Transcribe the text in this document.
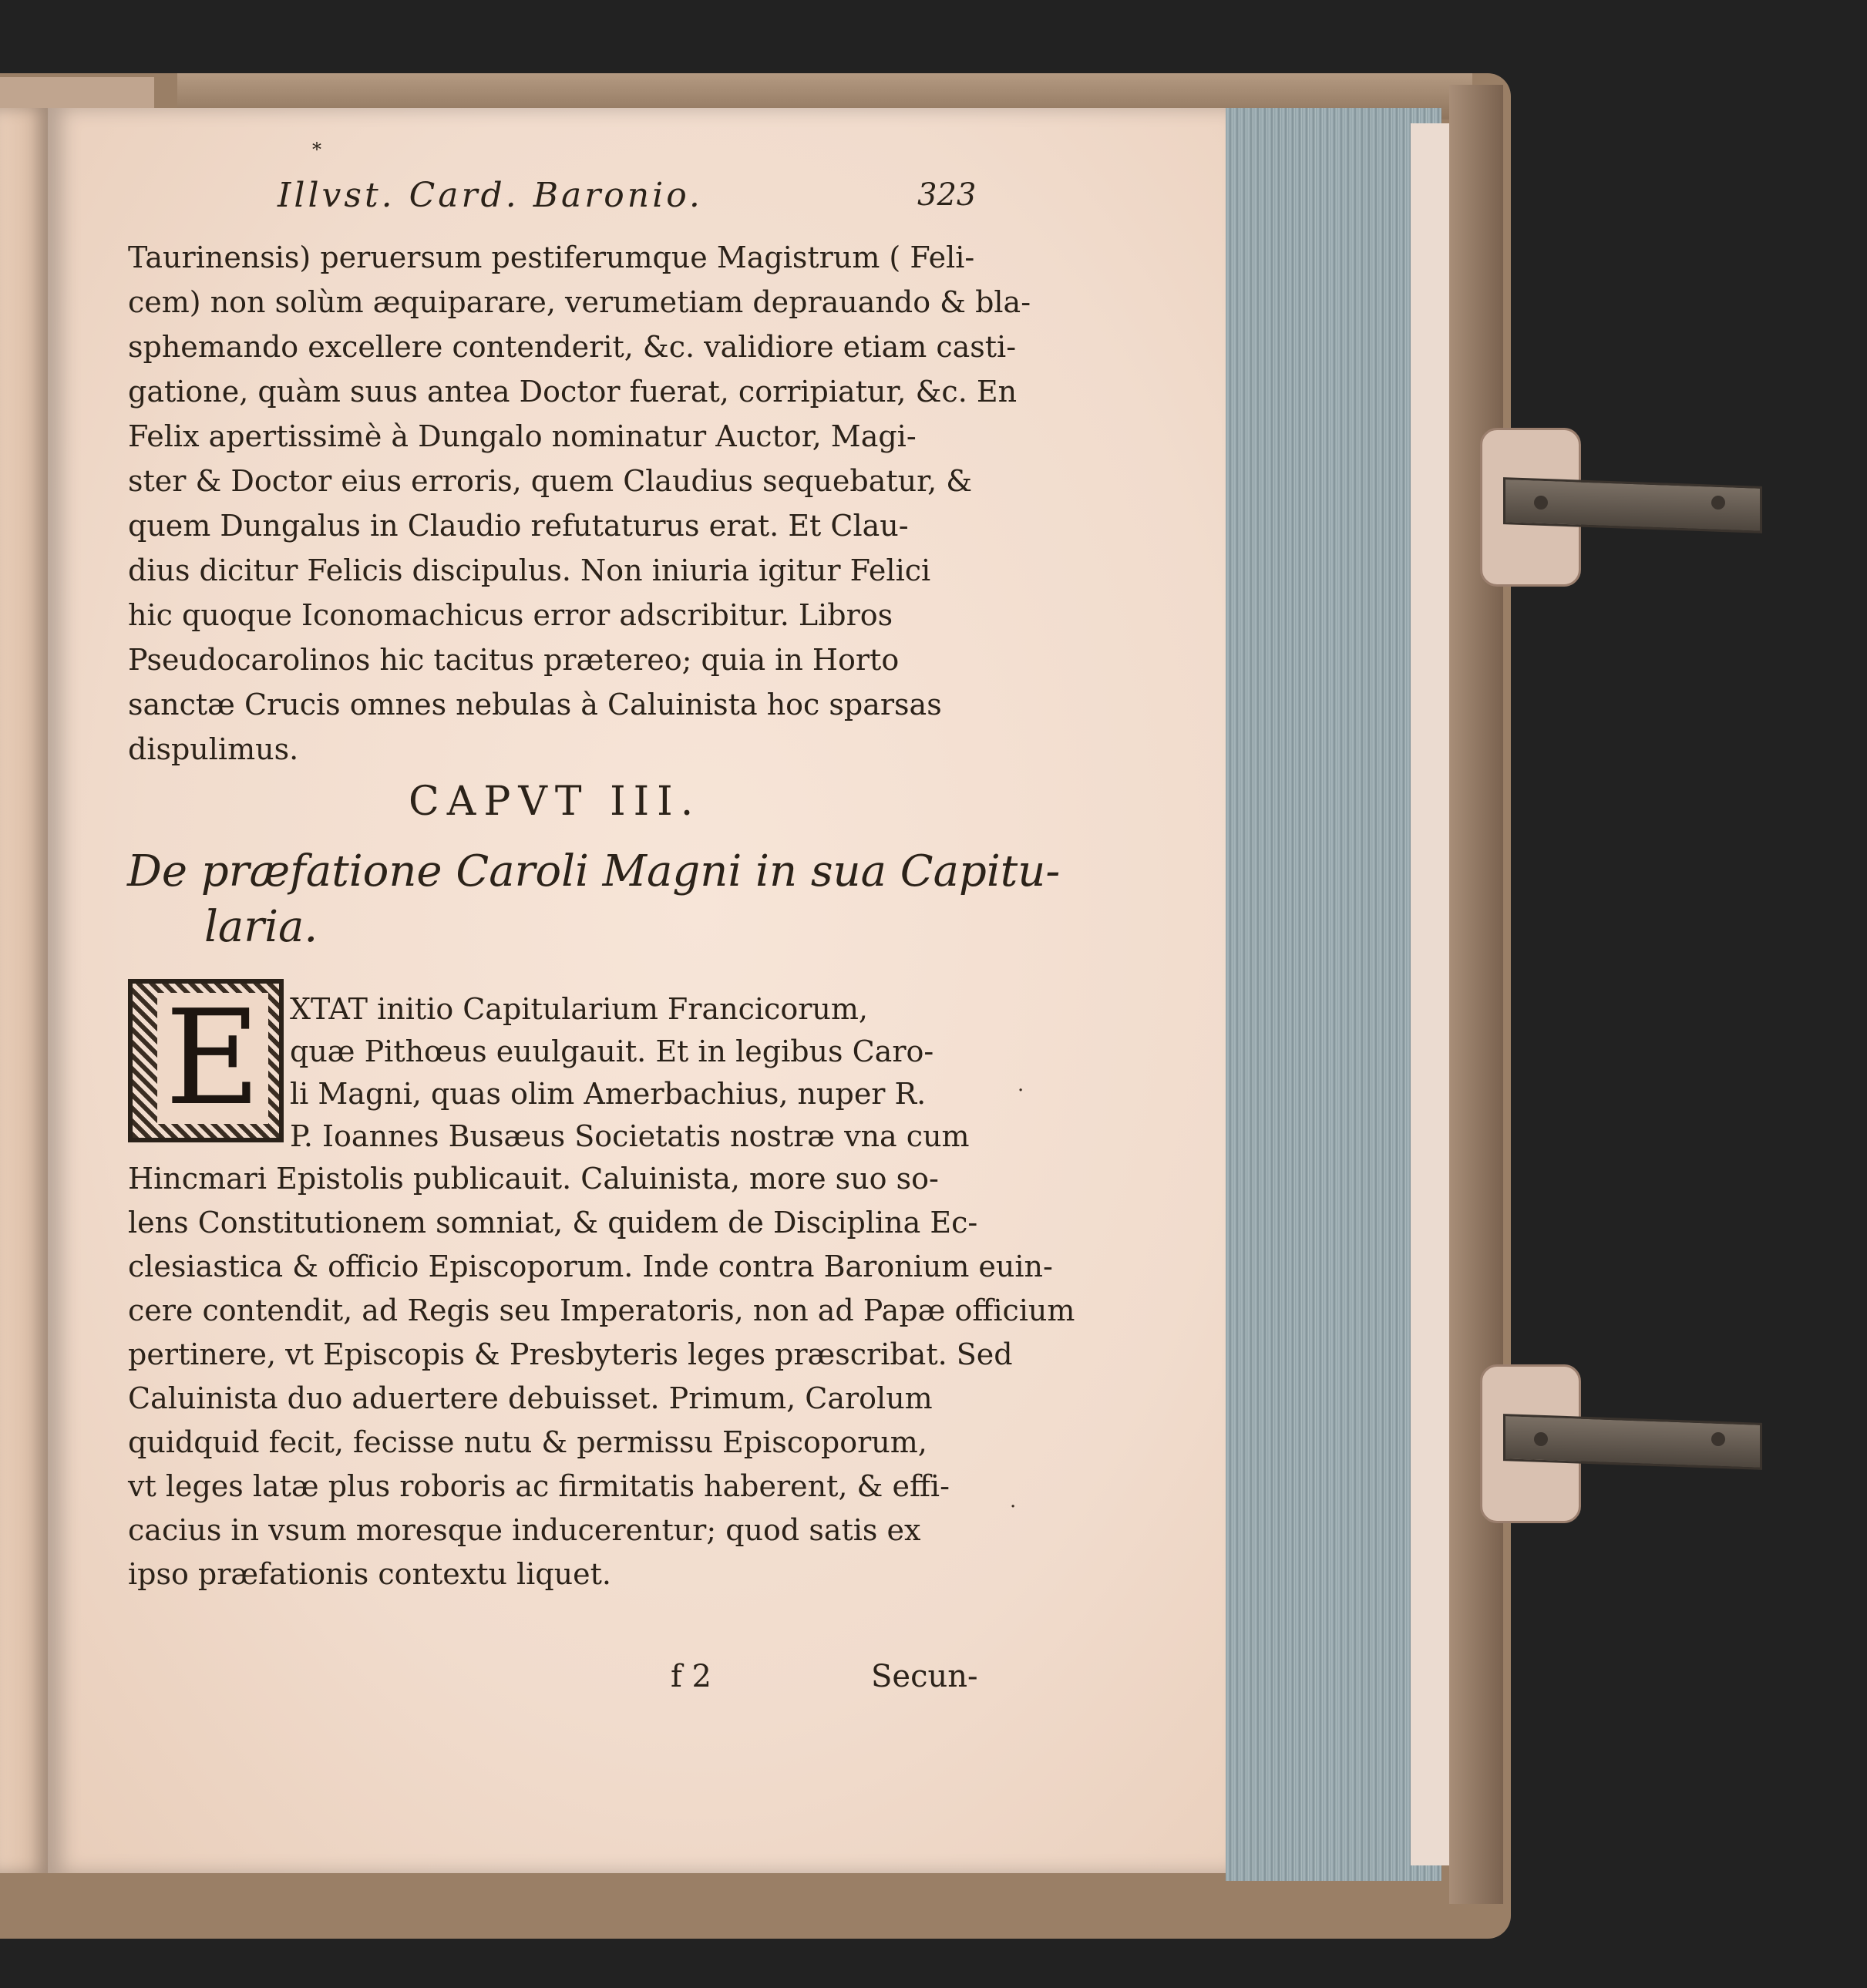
*
Illvst. Card. Baronio.	323
Taurinensis) peruersum pestiferumque Magistrum ( Feli-
cem) non solùm æquiparare, verumetiam deprauando & bla-
sphemando excellere contenderit, &c. validiore etiam casti-
gatione, quàm suus antea Doctor fuerat, corripiatur, &c. En
Felix apertissimè à Dungalo nominatur Auctor, Magi-
ster & Doctor eius erroris, quem Claudius sequebatur, &
quem Dungalus in Claudio refutaturus erat. Et Clau-
dius dicitur Felicis discipulus. Non iniuria igitur Felici
hic quoque Iconomachicus error adscribitur. Libros
Pseudocarolinos hic tacitus prætereo; quia in Horto
sanctæ Crucis omnes nebulas à Caluinista hoc sparsas
dispulimus.
CAPVT III.
De præfatione Caroli Magni in sua Capitu-
laria.
E XTAT initio Capitularium Francicorum,
quæ Pithœus euulgauit. Et in legibus Caro-
li Magni, quas olim Amerbachius, nuper R.
P. Ioannes Busæus Societatis nostræ vna cum
Hincmari Epistolis publicauit. Caluinista, more suo so-
lens Constitutionem somniat, & quidem de Disciplina Ec-
clesiastica & officio Episcoporum. Inde contra Baronium euin-
cere contendit, ad Regis seu Imperatoris, non ad Papæ officium
pertinere, vt Episcopis & Presbyteris leges præscribat. Sed
Caluinista duo aduertere debuisset. Primum, Carolum
quidquid fecit, fecisse nutu & permissu Episcoporum,
vt leges latæ plus roboris ac firmitatis haberent, & effi-
cacius in vsum moresque inducerentur; quod satis ex
ipso præfationis contextu liquet.
·
·
f 2	Secun-
